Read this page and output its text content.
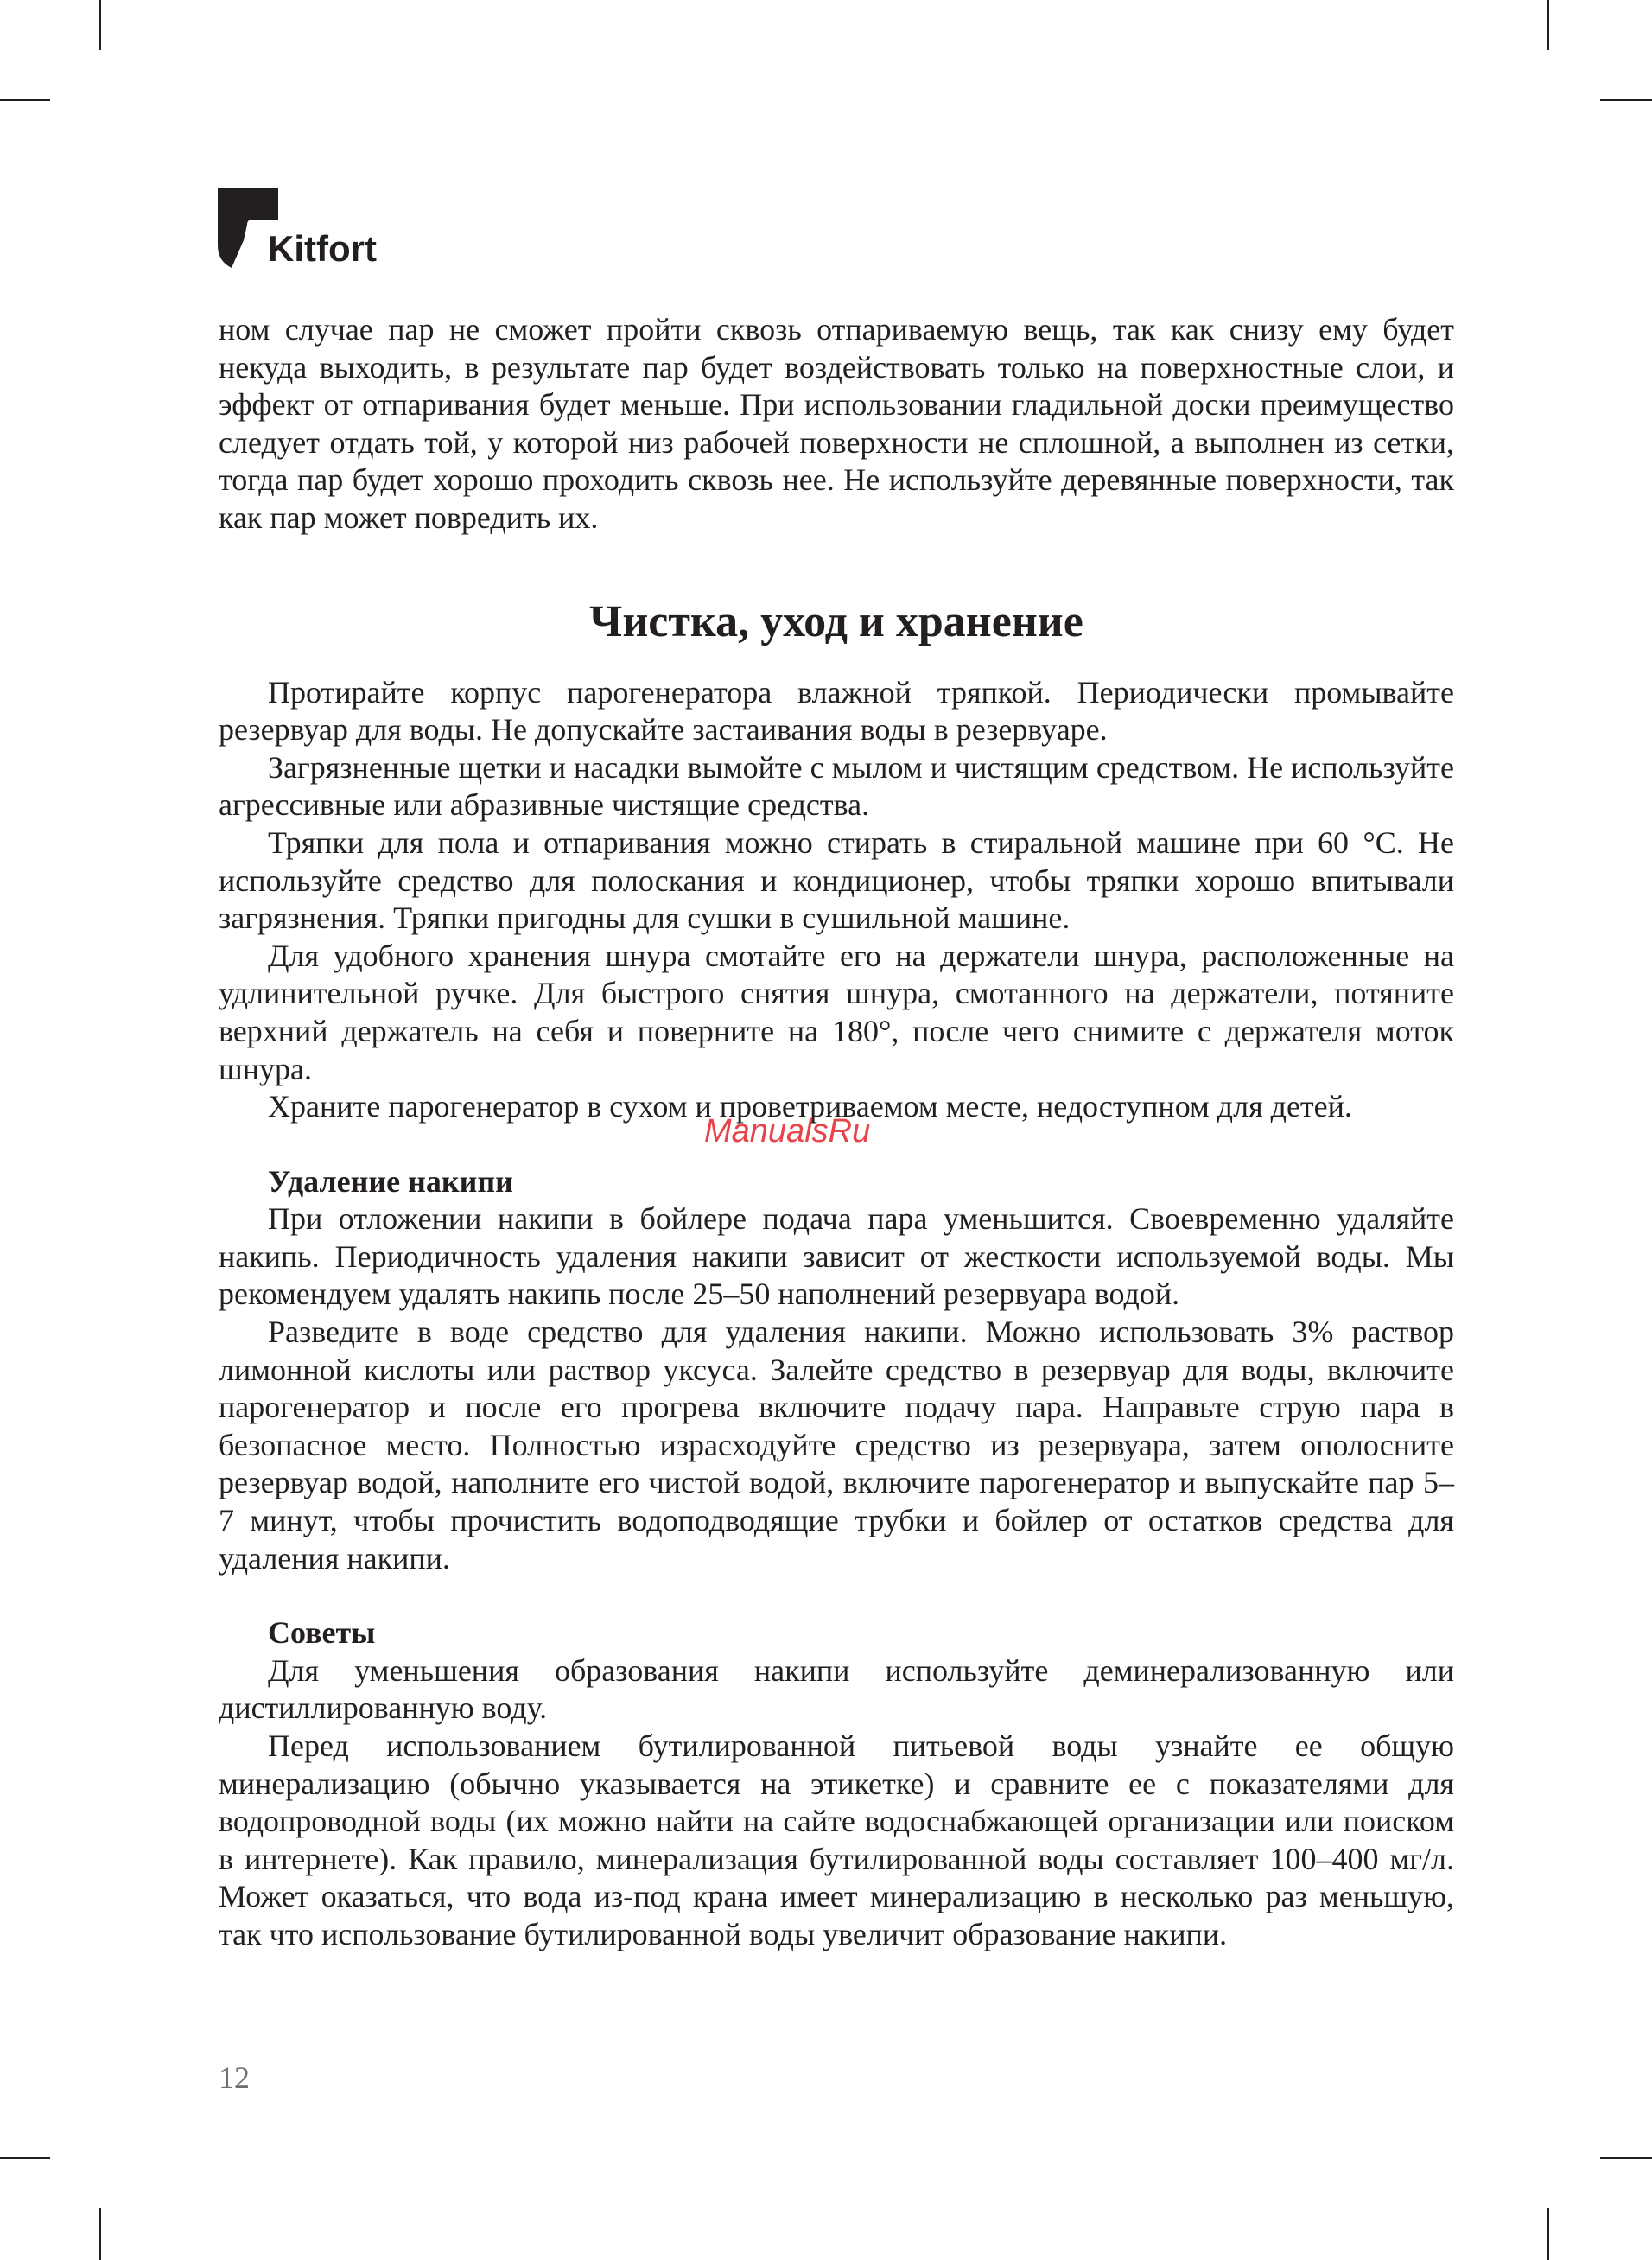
Kitfort

ном случае пар не сможет пройти сквозь отпариваемую вещь, так как снизу ему будет некуда выходить, в результате пар будет воздействовать только на поверхностные слои, и эффект от отпаривания будет меньше. При использовании гладильной доски преимущество следует отдать той, у которой низ рабочей поверхности не сплошной, а выполнен из сетки, тогда пар будет хорошо проходить сквозь нее. Не используйте деревянные поверхности, так как пар может повредить их.

Чистка, уход и хранение

Протирайте корпус парогенератора влажной тряпкой. Периодически промывайте резервуар для воды. Не допускайте застаивания воды в резервуаре.

Загрязненные щетки и насадки вымойте с мылом и чистящим средством. Не используйте агрессивные или абразивные чистящие средства.

Тряпки для пола и отпаривания можно стирать в стиральной машине при 60 °C. Не используйте средство для полоскания и кондиционер, чтобы тряпки хорошо впитывали загрязнения. Тряпки пригодны для сушки в сушильной машине.

Для удобного хранения шнура смотайте его на держатели шнура, расположенные на удлинительной ручке. Для быстрого снятия шнура, смотанного на держатели, потяните верхний держатель на себя и поверните на 180°, после чего снимите с держателя моток шнура.

Храните парогенератор в сухом и проветриваемом месте, недоступном для детей.

Удаление накипи

При отложении накипи в бойлере подача пара уменьшится. Своевременно удаляйте накипь. Периодичность удаления накипи зависит от жесткости используемой воды. Мы рекомендуем удалять накипь после 25–50 наполнений резервуара водой.

Разведите в воде средство для удаления накипи. Можно использовать 3% раствор лимонной кислоты или раствор уксуса. Залейте средство в резервуар для воды, включите парогенератор и после его прогрева включите подачу пара. Направьте струю пара в безопасное место. Полностью израсходуйте средство из резервуара, затем ополосните резервуар водой, наполните его чистой водой, включите парогенератор и выпускайте пар 5–7 минут, чтобы прочистить водоподводящие трубки и бойлер от остатков средства для удаления накипи.

Советы

Для уменьшения образования накипи используйте деминерализованную или дистиллированную воду.

Перед использованием бутилированной питьевой воды узнайте ее общую минерализацию (обычно указывается на этикетке) и сравните ее с показателями для водопроводной воды (их можно найти на сайте водоснабжающей организации или поиском в интернете). Как правило, минерализация бутилированной воды составляет 100–400 мг/л. Может оказаться, что вода из-под крана имеет минерализацию в несколько раз меньшую, так что использование бутилированной воды увеличит образование накипи.

ManualsRu
12
